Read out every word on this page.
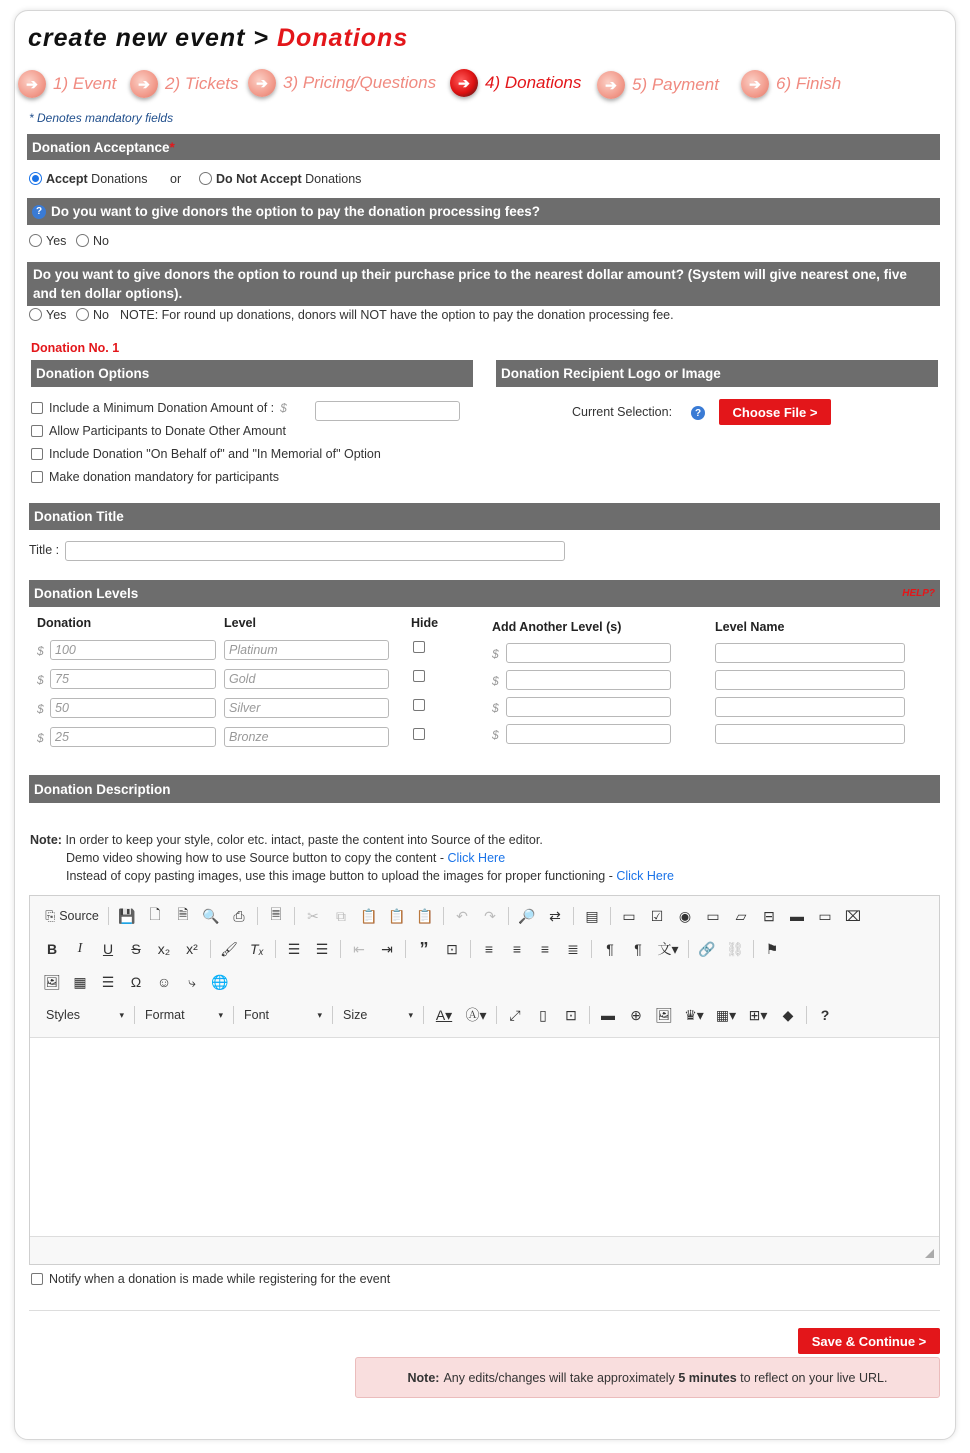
create new event > Donations
➔ 1) Event	➔ 2) Tickets	➔ 3) Pricing/Questions	➔ 4) Donations	➔ 5) Payment	➔ 6) Finish
* Denotes mandatory fields
Donation Acceptance *
Accept Donations or	Do Not Accept Donations
? Do you want to give donors the option to pay the donation processing fees?
Yes	No
Do you want to give donors the option to round up their purchase price to the nearest dollar amount? (System will give nearest one, five and ten dollar options).
Yes	No NOTE: For round up donations, donors will NOT have the option to pay the donation processing fee.
Donation No. 1
Donation Options
Include a Minimum Donation Amount of : $
Allow Participants to Donate Other Amount
Include Donation "On Behalf of" and "In Memorial of" Option
Make donation mandatory for participants
Donation Recipient Logo or Image
Current Selection:	?	Choose File >
Donation Title
Title :
Donation Levels	HELP?
Donation	Level	Hide	Add Another Level (s)	Level Name
$ 100	Platinum	$
$ 75	Gold	$
$ 50	Silver	$
$ 25	Bronze	$
Donation Description
Note: In order to keep your style, color etc. intact, paste the content into Source of the editor.
Demo video showing how to use Source button to copy the content - Click Here
Instead of copy pasting images, use this image button to upload the images for proper functioning - Click Here
⎘ Source	💾 🗋	🗎 🔍 ⎙	🗏	✂	⧉	📋 📋 📋	↶	↷	🔎 ⇄	▤	▭	☑	◉	▭	▱	⊟	▬	▭ ⌧
B	I	U	S	x₂	x²	🖌 Tₓ	☰	☰	⇤	⇥	”	⊡	≡	≡	≡	≣	¶	¶	文▾	🔗 ⛓	⚑
🖼 ▦	☰	Ω	☺	⤷	🌐
Styles	▾ Format	▾ Font	▾ Size	▾	A▾ Ⓐ▾	⤢	▯	⊡	▬	⊕ 🖼 ♛▾ ▦▾ ⊞▾	◆	?
Notify when a donation is made while registering for the event
Save & Continue >
Note: Any edits/changes will take approximately
5 minutes
to reflect on your live URL.
